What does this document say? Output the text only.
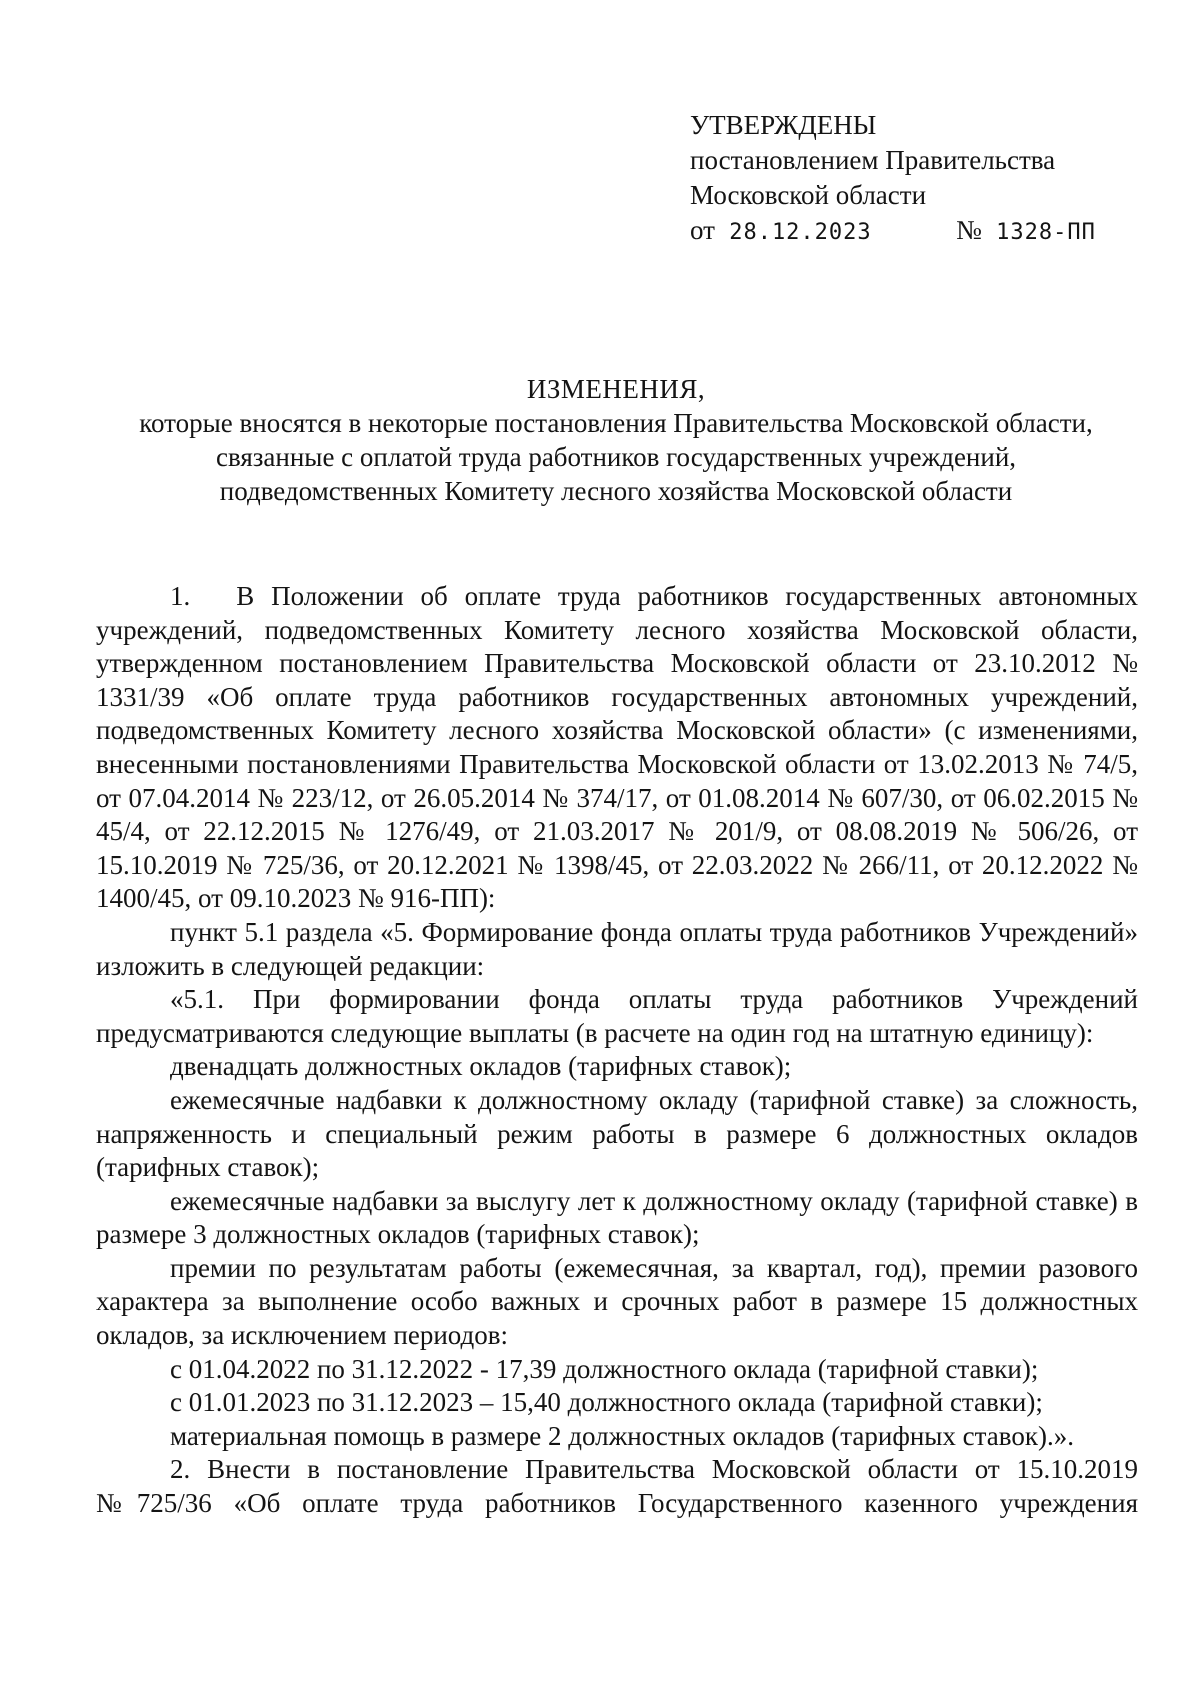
УТВЕРЖДЕНЫ
постановлением Правительства
Московской области
от 28.12.2023	№ 1328-ПП
ИЗМЕНЕНИЯ,
которые вносятся в некоторые постановления Правительства Московской области,
связанные с оплатой труда работников государственных учреждений,
подведомственных Комитету лесного хозяйства Московской области

1. В Положении об оплате труда работников государственных автономных учреждений, подведомственных Комитету лесного хозяйства Московской области, утвержденном постановлением Правительства Московской области от 23.10.2012 № 1331/39 «Об оплате труда работников государственных автономных учреждений, подведомственных Комитету лесного хозяйства Московской области» (с изменениями, внесенными постановлениями Правительства Московской области от 13.02.2013 № 74/5, от 07.04.2014 № 223/12, от 26.05.2014 № 374/17, от 01.08.2014 № 607/30, от 06.02.2015 № 45/4, от 22.12.2015 № 1276/49, от 21.03.2017 № 201/9, от 08.08.2019 № 506/26, от 15.10.2019 № 725/36, от 20.12.2021 № 1398/45, от 22.03.2022 № 266/11, от 20.12.2022 № 1400/45, от 09.10.2023 № 916-ПП):

пункт 5.1 раздела «5. Формирование фонда оплаты труда работников Учреждений» изложить в следующей редакции:

«5.1. При формировании фонда оплаты труда работников Учреждений предусматриваются следующие выплаты (в расчете на один год на штатную единицу):

двенадцать должностных окладов (тарифных ставок);

ежемесячные надбавки к должностному окладу (тарифной ставке) за сложность, напряженность и специальный режим работы в размере 6 должностных окладов (тарифных ставок);

ежемесячные надбавки за выслугу лет к должностному окладу (тарифной ставке) в размере 3 должностных окладов (тарифных ставок);

премии по результатам работы (ежемесячная, за квартал, год), премии разового характера за выполнение особо важных и срочных работ в размере 15 должностных окладов, за исключением периодов:

с 01.04.2022 по 31.12.2022 - 17,39 должностного оклада (тарифной ставки);

с 01.01.2023 по 31.12.2023 – 15,40 должностного оклада (тарифной ставки);

материальная помощь в размере 2 должностных окладов (тарифных ставок).».

2. Внести в постановление Правительства Московской области от 15.10.2019 №725/36 «Об оплате труда работников Государственного казенного учреждения
